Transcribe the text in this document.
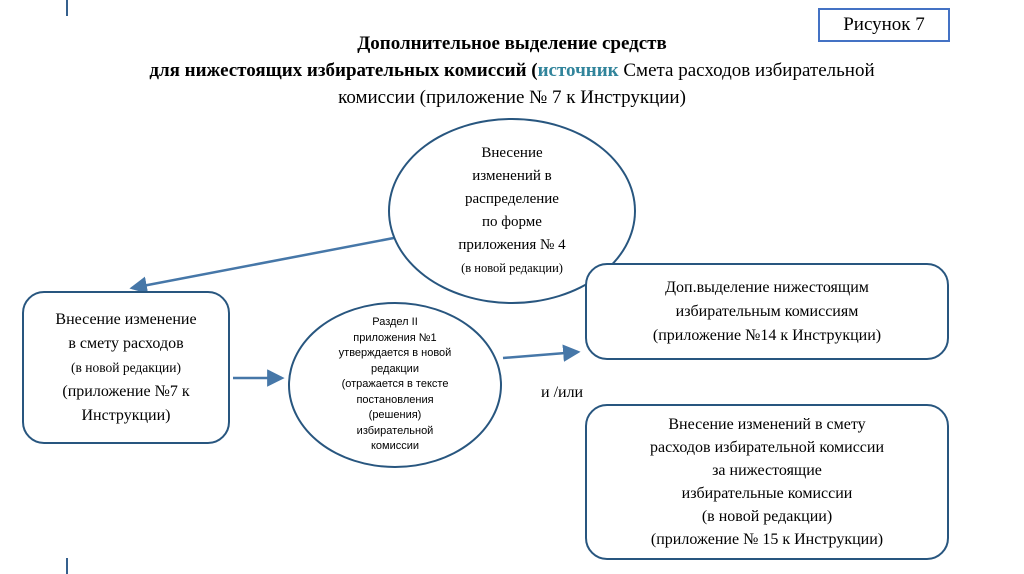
Рисунок 7
Дополнительное выделение средств
для нижестоящих избирательных комиссий (источник Смета расходов избирательной
комиссии (приложение № 7 к Инструкции)
Внесение
изменений в
распределение
по форме
приложения № 4
(в новой редакции)
Внесение изменение
в смету расходов
(в новой редакции)
(приложение №7 к
Инструкции)
Раздел II
приложения №1
утверждается в новой
редакции
(отражается в тексте
постановления
(решения)
избирательной
комиссии
Доп.выделение нижестоящим
избирательным комиссиям
(приложение №14 к Инструкции)
и /или
Внесение изменений в смету
расходов избирательной комиссии
за нижестоящие
избирательные комиссии
(в новой редакции)
(приложение № 15 к Инструкции)
